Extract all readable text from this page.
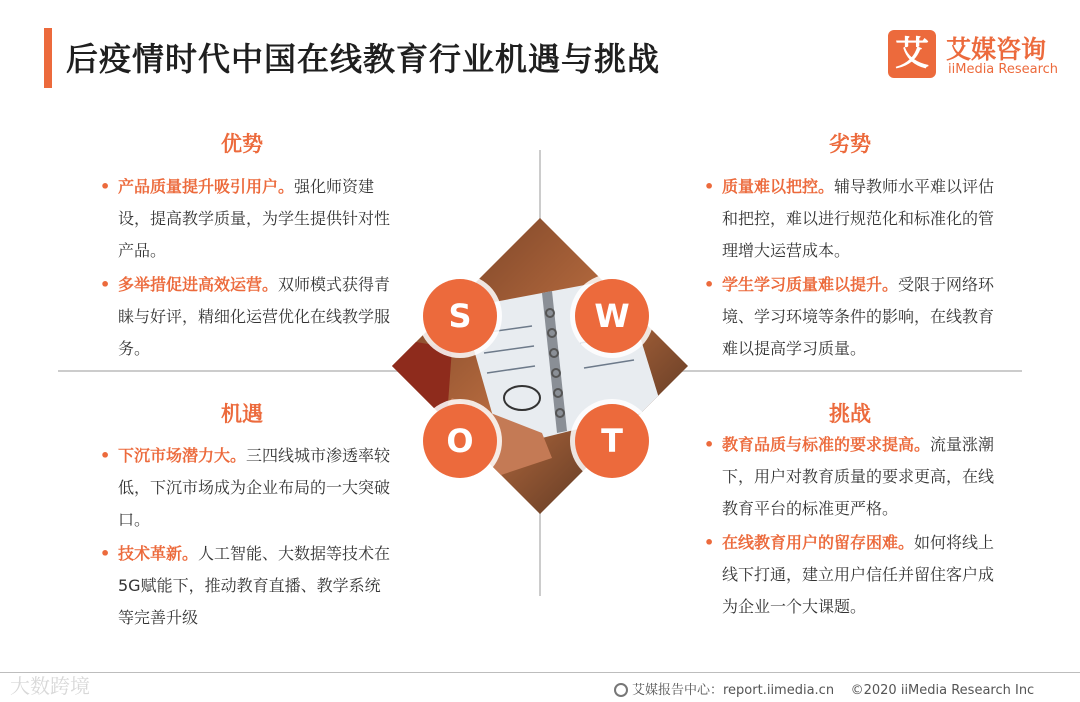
后疫情时代中国在线教育行业机遇与挑战	艾 艾媒咨询
iiMedia Research
优势
• 产品质量提升吸引用户。强化师资建设，提高教学质量，为学生提供针对性产品。
• 多举措促进高效运营。双师模式获得青睐与好评，精细化运营优化在线教学服务。
劣势
• 质量难以把控。辅导教师水平难以评估和把控，难以进行规范化和标准化的管理增大运营成本。
• 学生学习质量难以提升。受限于网络环境、学习环境等条件的影响，在线教育难以提高学习质量。
机遇
• 下沉市场潜力大。三四线城市渗透率较低，下沉市场成为企业布局的一大突破口。
• 技术革新。人工智能、大数据等技术在5G赋能下，推动教育直播、教学系统等完善升级
挑战
• 教育品质与标准的要求提高。流量涨潮下，用户对教育质量的要求更高，在线教育平台的标准更严格。
• 在线教育用户的留存困难。如何将线上线下打通，建立用户信任并留住客户成为企业一个大课题。
S	W
O	T
大数跨境	艾媒报告中心：report.iimedia.cn ©2020 iiMedia Research Inc
